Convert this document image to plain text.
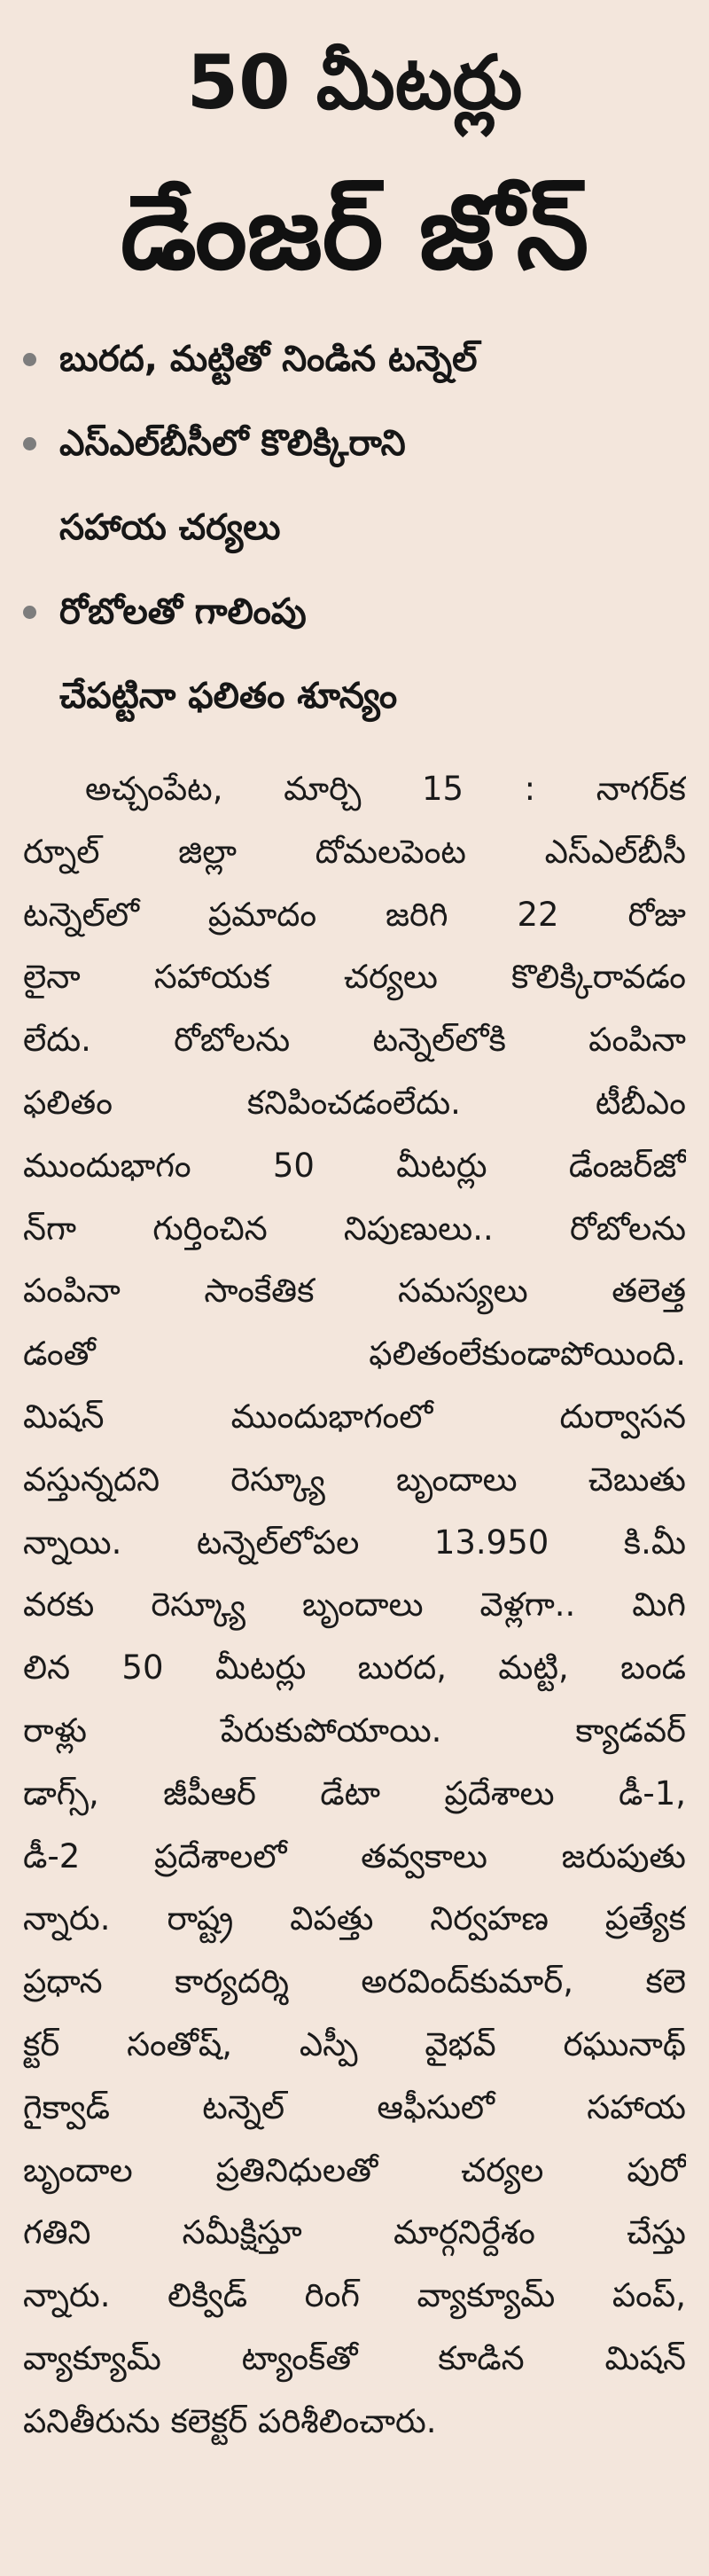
50 మీటర్లు
డేంజర్ జోన్
బురద, మట్టితో నిండిన టన్నెల్
ఎస్‌ఎల్‌బీసీలో కొలిక్కిరాని
సహాయ చర్యలు
రోబోలతో గాలింపు
చేపట్టినా ఫలితం శూన్యం
అచ్చంపేట, మార్చి 15 : నాగర్‌క
ర్నూల్ జిల్లా దోమలపెంట ఎస్‌ఎల్‌బీసీ
టన్నెల్‌లో ప్రమాదం జరిగి 22 రోజు
లైనా సహాయక చర్యలు కొలిక్కిరావడం
లేదు. రోబోలను టన్నెల్‌లోకి పంపినా
ఫలితం కనిపించడంలేదు. టీబీఎం
ముందుభాగం 50 మీటర్లు డేంజర్‌జో
న్‌గా గుర్తించిన నిపుణులు.. రోబోలను
పంపినా సాంకేతిక సమస్యలు తలెత్త
డంతో ఫలితంలేకుండాపోయింది.
మిషన్ ముందుభాగంలో దుర్వాసన
వస్తున్నదని రెస్క్యూ బృందాలు చెబుతు
న్నాయి. టన్నెల్‌లోపల 13.950 కి.మీ
వరకు రెస్క్యూ బృందాలు వెళ్లగా.. మిగి
లిన 50 మీటర్లు బురద, మట్టి, బండ
రాళ్లు పేరుకుపోయాయి. క్యాడవర్
డాగ్స్, జీపీఆర్ డేటా ప్రదేశాలు డీ-1,
డీ-2 ప్రదేశాలలో తవ్వకాలు జరుపుతు
న్నారు. రాష్ట్ర విపత్తు నిర్వహణ ప్రత్యేక
ప్రధాన కార్యదర్శి అరవింద్‌కుమార్, కలె
క్టర్ సంతోష్, ఎస్పీ వైభవ్ రఘునాథ్
గైక్వాడ్ టన్నెల్ ఆఫీసులో సహాయ
బృందాల ప్రతినిధులతో చర్యల పురో
గతిని సమీక్షిస్తూ మార్గనిర్దేశం చేస్తు
న్నారు. లిక్విడ్ రింగ్ వ్యాక్యూమ్ పంప్,
వ్యాక్యూమ్ ట్యాంక్‌తో కూడిన మిషన్
పనితీరును కలెక్టర్ పరిశీలించారు.
